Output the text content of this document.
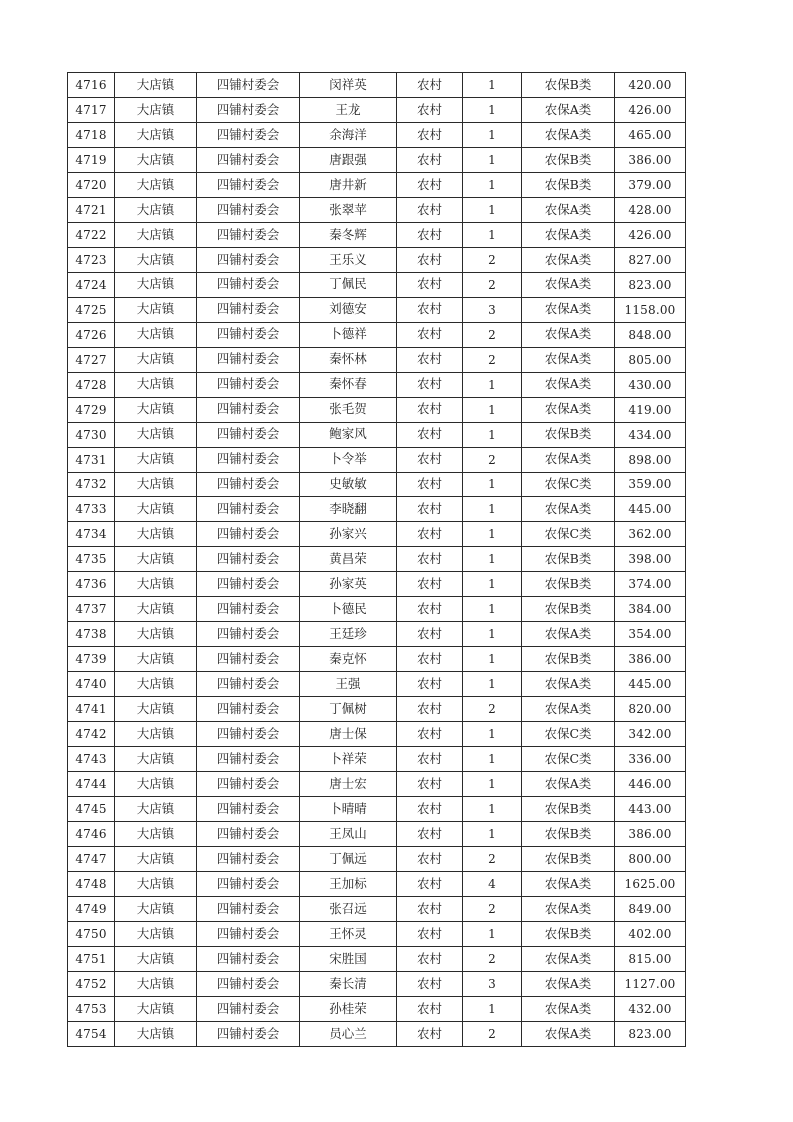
4716	大店镇	四铺村委会	闵祥英	农村	1	农保B类	420.00
4717	大店镇	四铺村委会	王龙	农村	1	农保A类	426.00
4718	大店镇	四铺村委会	余海洋	农村	1	农保A类	465.00
4719	大店镇	四铺村委会	唐跟强	农村	1	农保B类	386.00
4720	大店镇	四铺村委会	唐井新	农村	1	农保B类	379.00
4721	大店镇	四铺村委会	张翠苹	农村	1	农保A类	428.00
4722	大店镇	四铺村委会	秦冬辉	农村	1	农保A类	426.00
4723	大店镇	四铺村委会	王乐义	农村	2	农保A类	827.00
4724	大店镇	四铺村委会	丁佩民	农村	2	农保A类	823.00
4725	大店镇	四铺村委会	刘德安	农村	3	农保A类	1158.00
4726	大店镇	四铺村委会	卜德祥	农村	2	农保A类	848.00
4727	大店镇	四铺村委会	秦怀林	农村	2	农保A类	805.00
4728	大店镇	四铺村委会	秦怀春	农村	1	农保A类	430.00
4729	大店镇	四铺村委会	张毛贺	农村	1	农保A类	419.00
4730	大店镇	四铺村委会	鲍家风	农村	1	农保B类	434.00
4731	大店镇	四铺村委会	卜令举	农村	2	农保A类	898.00
4732	大店镇	四铺村委会	史敏敏	农村	1	农保C类	359.00
4733	大店镇	四铺村委会	李晓翻	农村	1	农保A类	445.00
4734	大店镇	四铺村委会	孙家兴	农村	1	农保C类	362.00
4735	大店镇	四铺村委会	黄昌荣	农村	1	农保B类	398.00
4736	大店镇	四铺村委会	孙家英	农村	1	农保B类	374.00
4737	大店镇	四铺村委会	卜德民	农村	1	农保B类	384.00
4738	大店镇	四铺村委会	王廷珍	农村	1	农保A类	354.00
4739	大店镇	四铺村委会	秦克怀	农村	1	农保B类	386.00
4740	大店镇	四铺村委会	王强	农村	1	农保A类	445.00
4741	大店镇	四铺村委会	丁佩树	农村	2	农保A类	820.00
4742	大店镇	四铺村委会	唐士保	农村	1	农保C类	342.00
4743	大店镇	四铺村委会	卜祥荣	农村	1	农保C类	336.00
4744	大店镇	四铺村委会	唐士宏	农村	1	农保A类	446.00
4745	大店镇	四铺村委会	卜晴晴	农村	1	农保B类	443.00
4746	大店镇	四铺村委会	王凤山	农村	1	农保B类	386.00
4747	大店镇	四铺村委会	丁佩远	农村	2	农保B类	800.00
4748	大店镇	四铺村委会	王加标	农村	4	农保A类	1625.00
4749	大店镇	四铺村委会	张召远	农村	2	农保A类	849.00
4750	大店镇	四铺村委会	王怀灵	农村	1	农保B类	402.00
4751	大店镇	四铺村委会	宋胜国	农村	2	农保A类	815.00
4752	大店镇	四铺村委会	秦长清	农村	3	农保A类	1127.00
4753	大店镇	四铺村委会	孙桂荣	农村	1	农保A类	432.00
4754	大店镇	四铺村委会	员心兰	农村	2	农保A类	823.00
